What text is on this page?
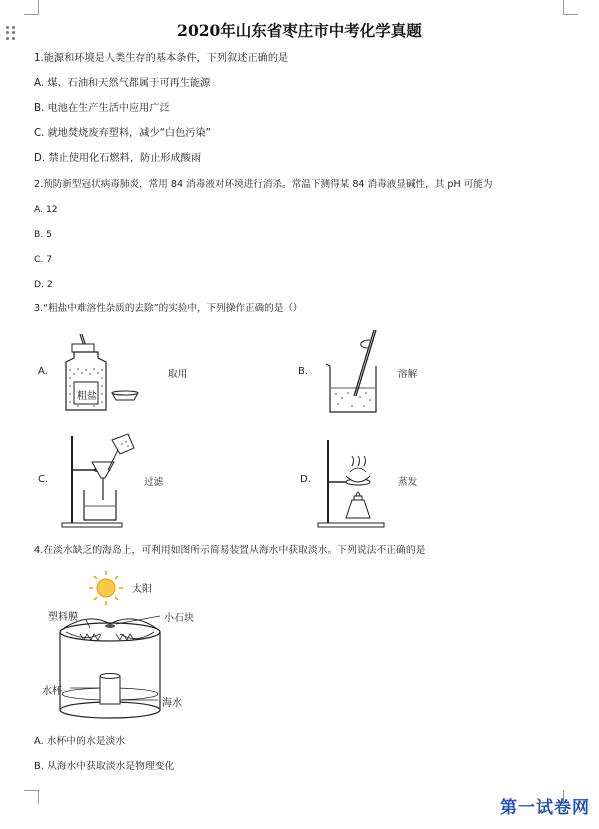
2020年山东省枣庄市中考化学真题
1.能源和环境是人类生存的基本条件，下列叙述正确的是
A. 煤、石油和天然气都属于可再生能源
B. 电池在生产生活中应用广泛
C. 就地焚烧废弃塑料，减少“白色污染”
D. 禁止使用化石燃料，防止形成酸雨
2.预防新型冠状病毒肺炎，常用 84 消毒液对环境进行消杀。常温下测得某 84 消毒液显碱性，其 pH 可能为
A. 12
B. 5
C. 7
D. 2
3.“粗盐中难溶性杂质的去除”的实验中，下列操作正确的是（）
A.
粗盐
取用	B.	溶解
C.	过滤	D.	蒸发
4.在淡水缺乏的海岛上，可利用如图所示简易装置从海水中获取淡水。下列说法不正确的是
太阳
塑料膜	小石块
水杯
海水
A. 水杯中的水是淡水
B. 从海水中获取淡水是物理变化
第一试卷网
